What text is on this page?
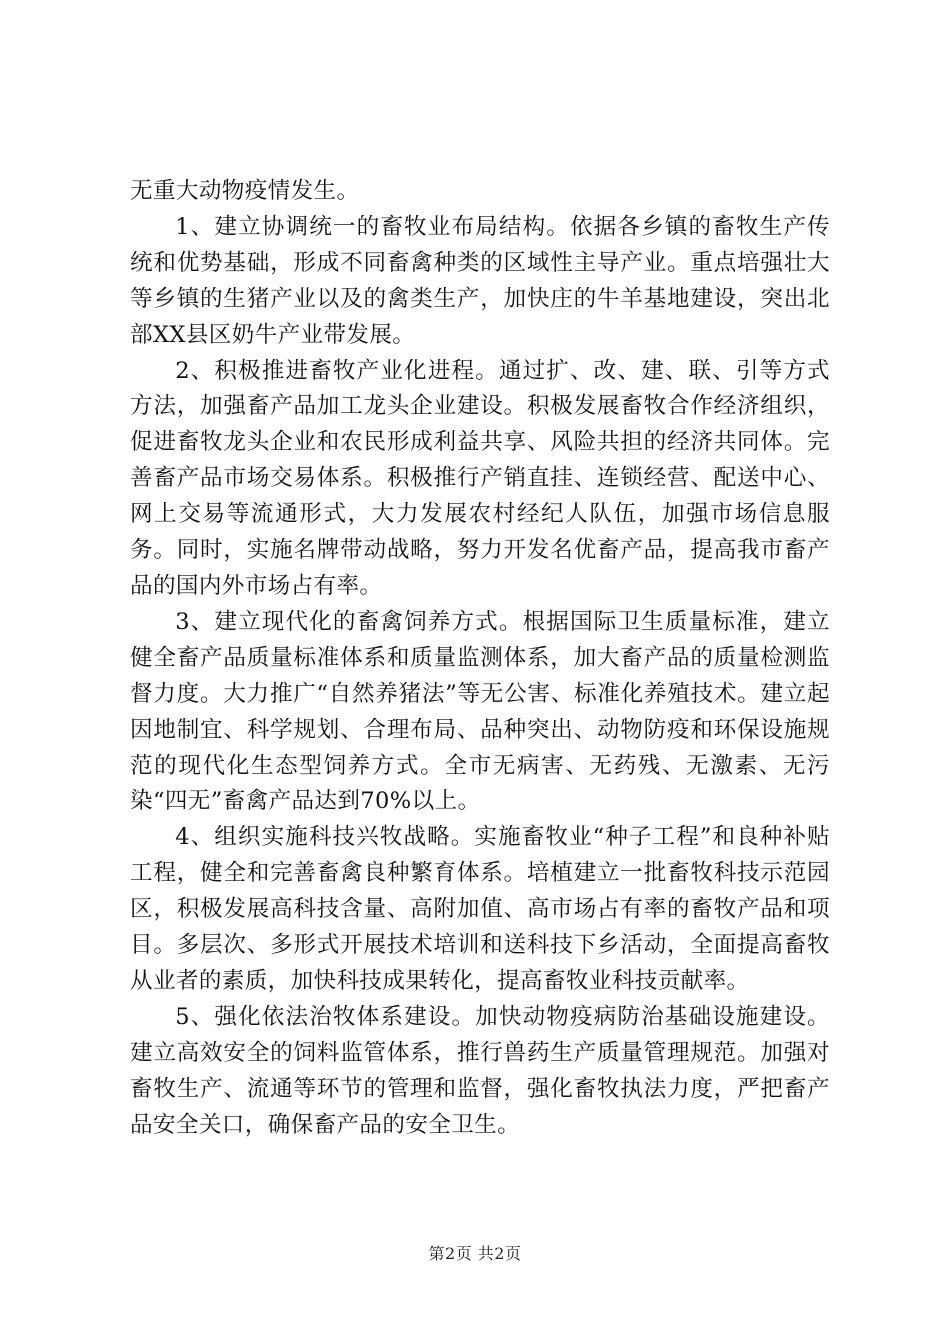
无重大动物疫情发生。

1、建立协调统一的畜牧业布局结构。依据各乡镇的畜牧生产传统和优势基础，形成不同畜禽种类的区域性主导产业。重点培强壮大等乡镇的生猪产业以及的禽类生产，加快庄的牛羊基地建设，突出北部XX县区奶牛产业带发展。

2、积极推进畜牧产业化进程。通过扩、改、建、联、引等方式方法，加强畜产品加工龙头企业建设。积极发展畜牧合作经济组织，促进畜牧龙头企业和农民形成利益共享、风险共担的经济共同体。完善畜产品市场交易体系。积极推行产销直挂、连锁经营、配送中心、网上交易等流通形式，大力发展农村经纪人队伍，加强市场信息服务。同时，实施名牌带动战略，努力开发名优畜产品，提高我市畜产品的国内外市场占有率。

3、建立现代化的畜禽饲养方式。根据国际卫生质量标准，建立健全畜产品质量标准体系和质量监测体系，加大畜产品的质量检测监督力度。大力推广“自然养猪法”等无公害、标准化养殖技术。建立起因地制宜、科学规划、合理布局、品种突出、动物防疫和环保设施规范的现代化生态型饲养方式。全市无病害、无药残、无激素、无污染“四无”畜禽产品达到70%以上。

4、组织实施科技兴牧战略。实施畜牧业“种子工程”和良种补贴工程，健全和完善畜禽良种繁育体系。培植建立一批畜牧科技示范园区，积极发展高科技含量、高附加值、高市场占有率的畜牧产品和项目。多层次、多形式开展技术培训和送科技下乡活动，全面提高畜牧从业者的素质，加快科技成果转化，提高畜牧业科技贡献率。

5、强化依法治牧体系建设。加快动物疫病防治基础设施建设。建立高效安全的饲料监管体系，推行兽药生产质量管理规范。加强对畜牧生产、流通等环节的管理和监督，强化畜牧执法力度，严把畜产品安全关口，确保畜产品的安全卫生。

第2页 共2页
